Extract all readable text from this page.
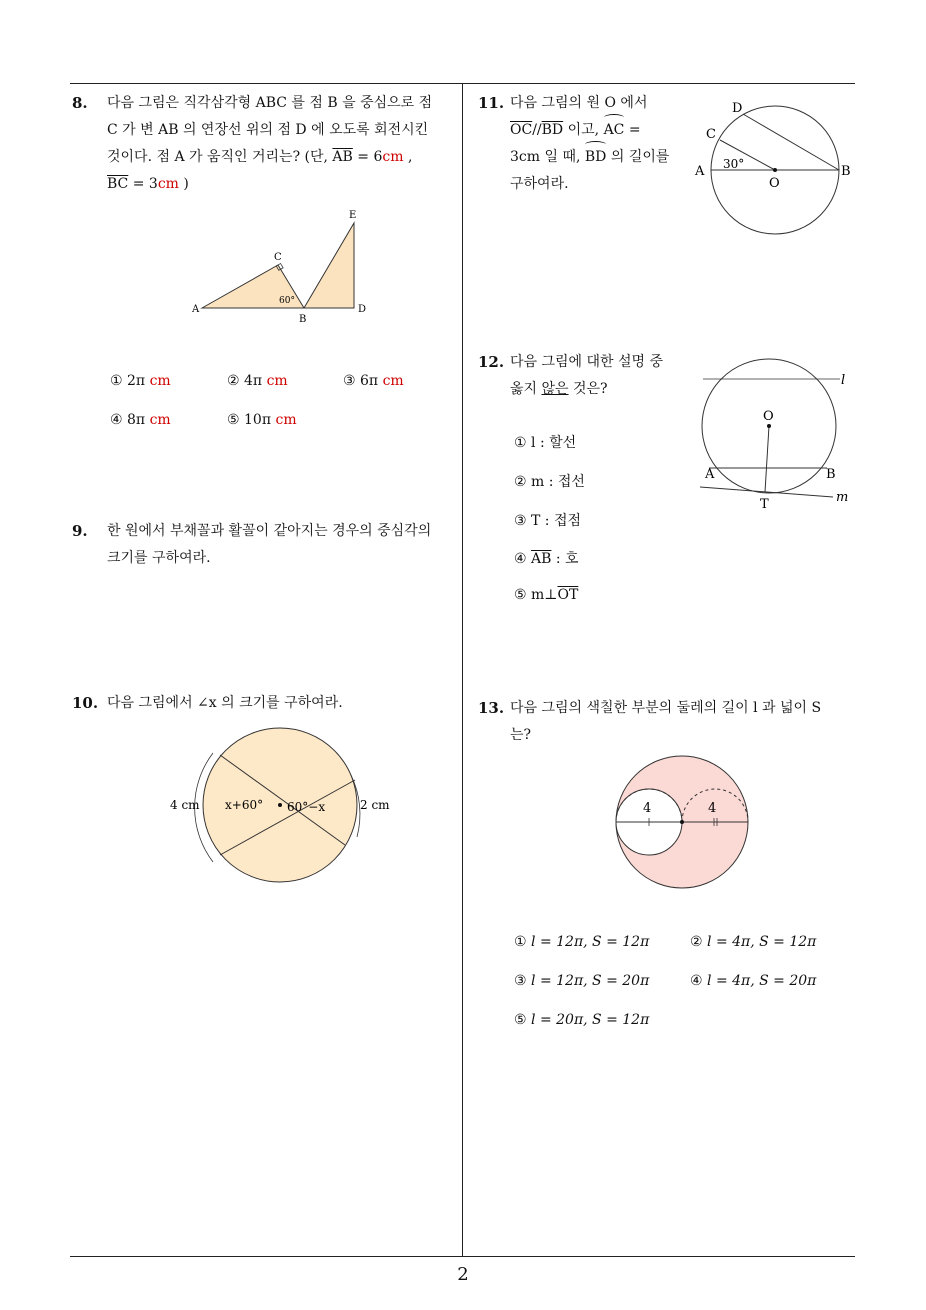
8. 다음 그림은 직각삼각형 ABC 를 점 B 을 중심으로 점
C 가 변 AB 의 연장선 위의 점 D 에 오도록 회전시킨
것이다. 점 A 가 움직인 거리는? (단, $\overline{AB} = 6cm$ ,
$\overline{BC} = 3cm$ )
A
C
B
D
E
60°
① 2π cm	② 4π cm	③ 6π cm
④ 8π cm	⑤ 10π cm
9. 한 원에서 부채꼴과 활꼴이 같아지는 경우의 중심각의
크기를 구하여라.
10. 다음 그림에서 ∠x 의 크기를 구하여라.
4 cm	2 cm
x+60° 60°−x
11. 다음 그림의 원 O 에서
$\overline{OC}//\overline{BD}$ 이고, AC =
3cm 일 때, BD 의 길이를
구하여라.
D
C
A	B
O
30°
12. 다음 그림에 대한 설명 중
옳지 않은 것은?
① l : 할선
② m : 접선
③ T : 접점
④ $\overline{AB}$ : 호
⑤ $m\perp\overline{OT}$
l
O
A	B
T	m
13. 다음 그림의 색칠한 부분의 둘레의 길이 l 과 넓이 S
는?
4	4
① l = 12π, S = 12π	② l = 4π, S = 12π
③ l = 12π, S = 20π	④ l = 4π, S = 20π
⑤ l = 20π, S = 12π
2
